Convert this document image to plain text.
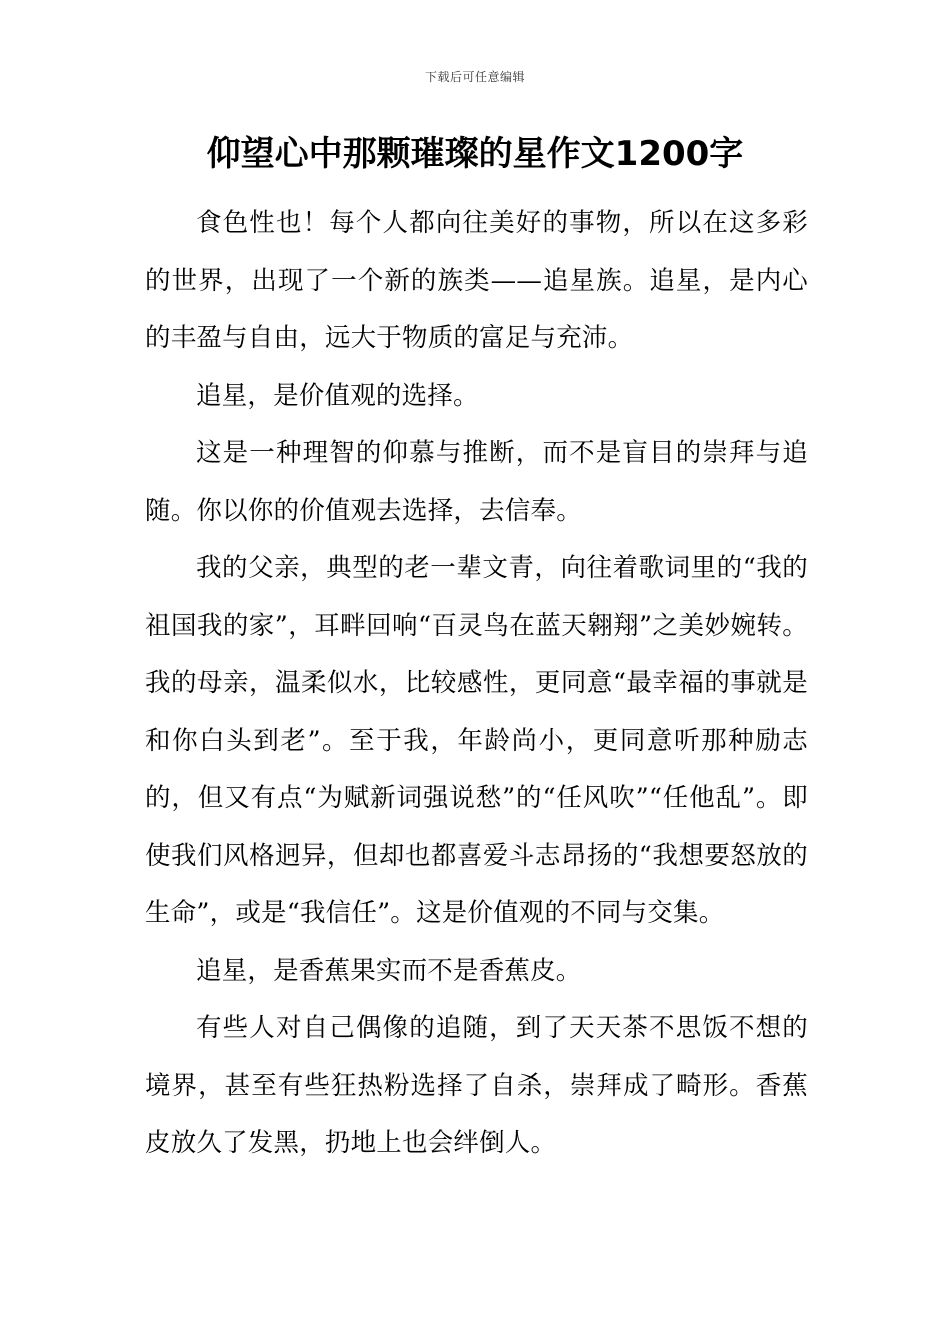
下载后可任意编辑
仰望心中那颗璀璨的星作文1200字

食色性也！每个人都向往美好的事物，所以在这多彩的世界，出现了一个新的族类——追星族。追星，是内心的丰盈与自由，远大于物质的富足与充沛。

追星，是价值观的选择。

这是一种理智的仰慕与推断，而不是盲目的崇拜与追随。你以你的价值观去选择，去信奉。

我的父亲，典型的老一辈文青，向往着歌词里的“我的祖国我的家”，耳畔回响“百灵鸟在蓝天翱翔”之美妙婉转。我的母亲，温柔似水，比较感性，更同意“最幸福的事就是和你白头到老”。至于我，年龄尚小，更同意听那种励志的，但又有点“为赋新词强说愁”的“任风吹”“任他乱”。即使我们风格迥异，但却也都喜爱斗志昂扬的“我想要怒放的生命”，或是“我信任”。这是价值观的不同与交集。

追星，是香蕉果实而不是香蕉皮。

有些人对自己偶像的追随，到了天天茶不思饭不想的境界，甚至有些狂热粉选择了自杀，崇拜成了畸形。香蕉皮放久了发黑，扔地上也会绊倒人。
